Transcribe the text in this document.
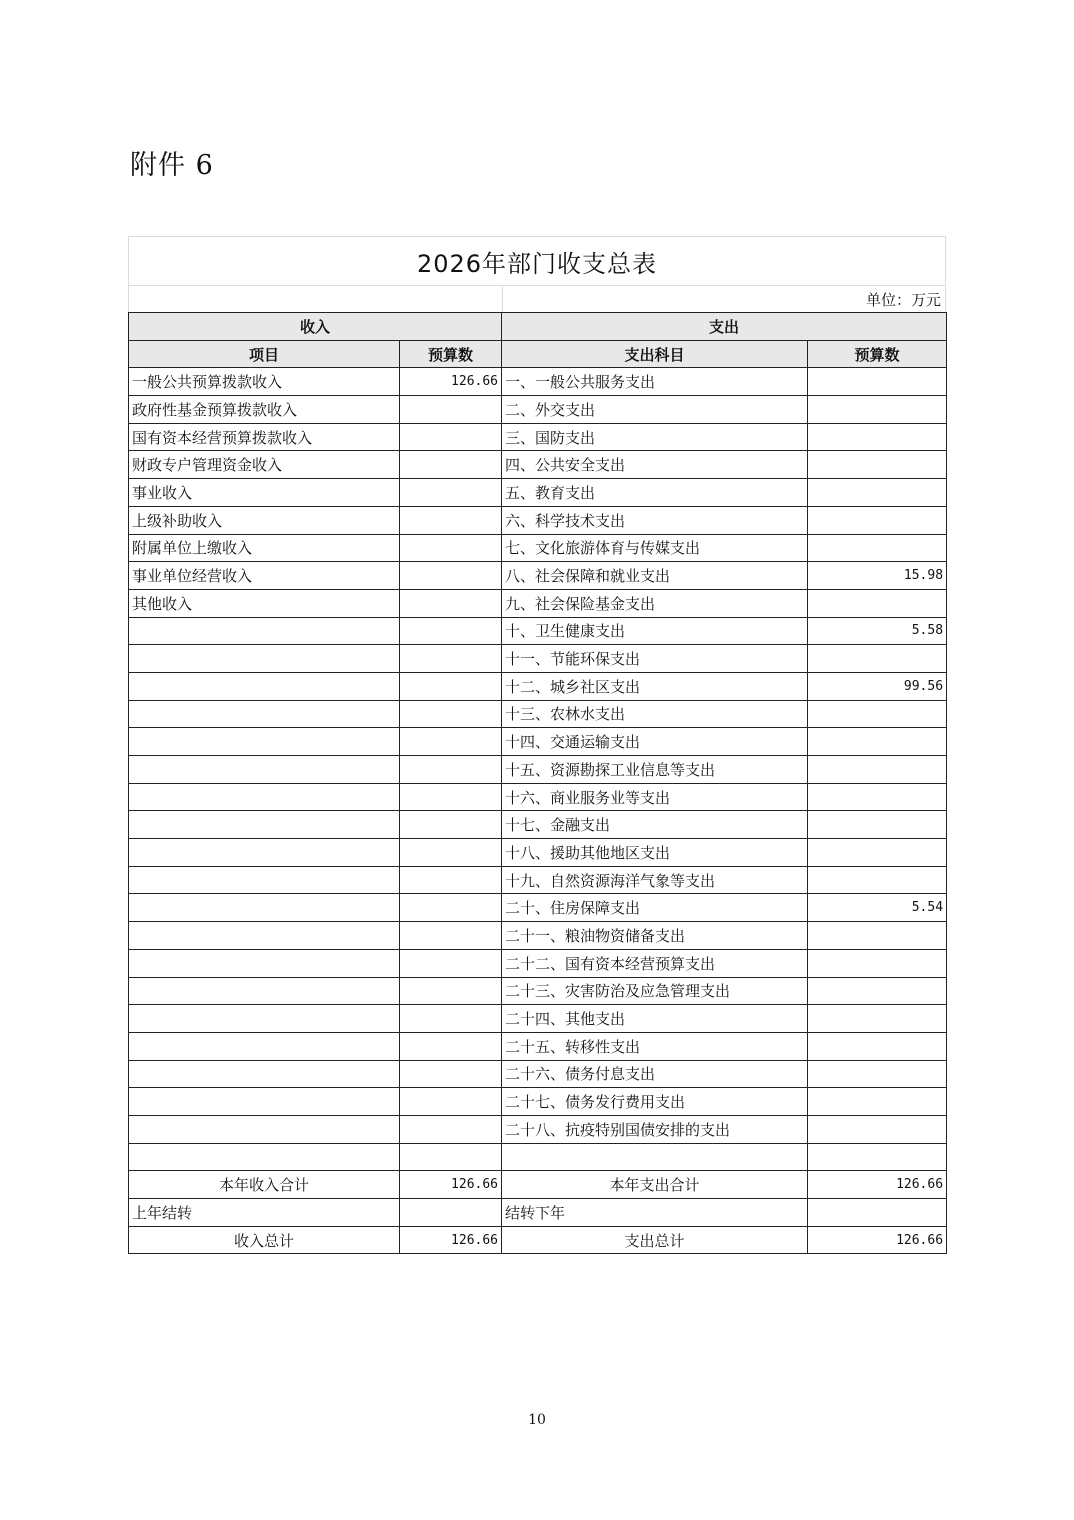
附件 6
2026年部门收支总表
单位：万元
收入		支出	
项目	预算数	支出科目	预算数
一般公共预算拨款收入	126.66	一、一般公共服务支出	
政府性基金预算拨款收入		二、外交支出	
国有资本经营预算拨款收入		三、国防支出	
财政专户管理资金收入		四、公共安全支出	
事业收入		五、教育支出	
上级补助收入		六、科学技术支出	
附属单位上缴收入		七、文化旅游体育与传媒支出	
事业单位经营收入		八、社会保障和就业支出	15.98
其他收入		九、社会保险基金支出	
		十、卫生健康支出	5.58
		十一、节能环保支出	
		十二、城乡社区支出	99.56
		十三、农林水支出	
		十四、交通运输支出	
		十五、资源勘探工业信息等支出	
		十六、商业服务业等支出	
		十七、金融支出	
		十八、援助其他地区支出	
		十九、自然资源海洋气象等支出	
		二十、住房保障支出	5.54
		二十一、粮油物资储备支出	
		二十二、国有资本经营预算支出	
		二十三、灾害防治及应急管理支出	
		二十四、其他支出	
		二十五、转移性支出	
		二十六、债务付息支出	
		二十七、债务发行费用支出	
		二十八、抗疫特别国债安排的支出	

本年收入合计	126.66	本年支出合计	126.66
上年结转		结转下年	
收入总计	126.66	支出总计	126.66
10
